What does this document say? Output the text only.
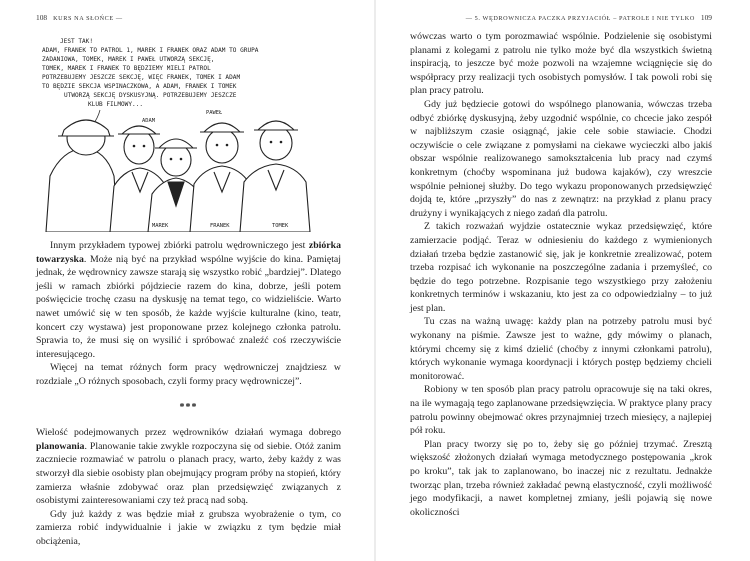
108 KURS NA SŁOŃCE —
JEST TAK!
ADAM, FRANEK TO PATROL 1, MAREK I FRANEK ORAZ ADAM TO GRUPA
ZADANIOWA, TOMEK, MAREK I PAWEŁ UTWORZĄ SEKCJĘ,
TOMEK, MAREK I FRANEK TO BĘDZIEMY MIELI PATROL
POTRZEBUJEMY JESZCZE SEKCJĘ, WIĘC FRANEK, TOMEK I ADAM
TO BĘDZIE SEKCJA WSPINACZKOWA, A ADAM, FRANEK I TOMEK
UTWORZĄ SEKCJĘ DYSKUSYJNĄ. POTRZEBUJEMY JESZCZE
KLUB FILMOWY...
ADAM
PAWEŁ
MAREK	FRANEK	TOMEK

Innym przykładem typowej zbiórki patrolu wędrowniczego jest zbiórka towarzyska. Może nią być na przykład wspólne wyjście do kina. Pamiętaj jednak, że wędrownicy zawsze starają się wszystko robić „bardziej”. Dlatego jeśli w ramach zbiórki pójdziecie razem do kina, dobrze, jeśli potem poświęcicie trochę czasu na dyskusję na temat tego, co widzieliście. Warto nawet umówić się w ten sposób, że każde wyjście kulturalne (kino, teatr, koncert czy wystawa) jest proponowane przez kolejnego członka patrolu. Sprawia to, że musi się on wysilić i spróbować znaleźć coś rzeczywiście interesującego.

Więcej na temat różnych form pracy wędrowniczej znajdziesz w rozdziale „O różnych sposobach, czyli formy pracy wędrowniczej”.

***

Wielość podejmowanych przez wędrowników działań wymaga dobrego planowania. Planowanie takie zwykle rozpoczyna się od siebie. Otóż zanim zaczniecie rozmawiać w patrolu o planach pracy, warto, żeby każdy z was stworzył dla siebie osobisty plan obejmujący program próby na stopień, który zamierza właśnie zdobywać oraz plan przedsięwzięć związanych z osobistymi zainteresowaniami czy też pracą nad sobą.

Gdy już każdy z was będzie miał z grubsza wyobrażenie o tym, co zamierza robić indywidualnie i jakie w związku z tym będzie miał obciążenia,

— 5. WĘDROWNICZA PACZKA PRZYJACIÓŁ – PATROLE I NIE TYLKO 109

wówczas warto o tym porozmawiać wspólnie. Podzielenie się osobistymi planami z kolegami z patrolu nie tylko może być dla wszystkich świetną inspiracją, to jeszcze być może pozwoli na wzajemne wciągnięcie się do współpracy przy realizacji tych osobistych pomysłów. I tak powoli robi się plan pracy patrolu.

Gdy już będziecie gotowi do wspólnego planowania, wówczas trzeba odbyć zbiórkę dyskusyjną, żeby uzgodnić wspólnie, co chcecie jako zespół w najbliższym czasie osiągnąć, jakie cele sobie stawiacie. Chodzi oczywiście o cele związane z pomysłami na ciekawe wycieczki albo jakiś obszar wspólnie realizowanego samokształcenia lub pracy nad czymś konkretnym (choćby wspominana już budowa kajaków), czy wreszcie wspólnie pełnionej służby. Do tego wykazu proponowanych przedsięwzięć dojdą te, które „przyszły” do nas z zewnątrz: na przykład z planu pracy drużyny i wynikających z niego zadań dla patrolu.

Z takich rozważań wyjdzie ostatecznie wykaz przedsięwzięć, które zamierzacie podjąć. Teraz w odniesieniu do każdego z wymienionych działań trzeba będzie zastanowić się, jak je konkretnie zrealizować, potem trzeba rozpisać ich wykonanie na poszczególne zadania i przemyśleć, co będzie do tego potrzebne. Rozpisanie tego wszystkiego przy założeniu konkretnych terminów i wskazaniu, kto jest za co odpowiedzialny – to już jest plan.

Tu czas na ważną uwagę: każdy plan na potrzeby patrolu musi być wykonany na piśmie. Zawsze jest to ważne, gdy mówimy o planach, którymi chcemy się z kimś dzielić (choćby z innymi członkami patrolu), których wykonanie wymaga koordynacji i których postęp będziemy chcieli monitorować.

Robiony w ten sposób plan pracy patrolu opracowuje się na taki okres, na ile wymagają tego zaplanowane przedsięwzięcia. W praktyce plany pracy patrolu powinny obejmować okres przynajmniej trzech miesięcy, a najlepiej pół roku.

Plan pracy tworzy się po to, żeby się go później trzymać. Zresztą większość złożonych działań wymaga metodycznego postępowania „krok po kroku”, tak jak to zaplanowano, bo inaczej nic z rezultatu. Jednakże tworząc plan, trzeba również zakładać pewną elastyczność, czyli możliwość jego modyfikacji, a nawet kompletnej zmiany, jeśli pojawią się nowe okoliczności
